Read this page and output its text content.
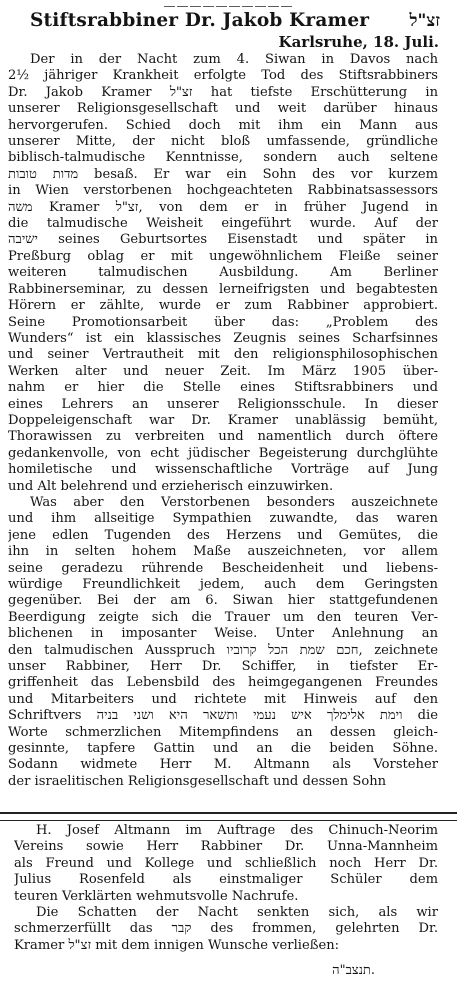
——————————
Stiftsrabbiner Dr. Jakob Kramer זצ"ל
Karlsruhe, 18. Juli.

Der in der Nacht zum 4. Siwan in Davos nach
2½ jähriger Krankheit erfolgte Tod des Stiftsrabbiners
Dr. Jakob Kramer זצ"ל hat tiefste Erschütterung in
unserer Religionsgesellschaft und weit darüber hinaus
hervorgerufen. Schied doch mit ihm ein Mann aus
unserer Mitte, der nicht bloß umfassende, gründliche
biblisch-talmudische Kenntnisse, sondern auch seltene
מדות טובות besaß. Er war ein Sohn des vor kurzem
in Wien verstorbenen hochgeachteten Rabbinatsassessors
משה Kramer זצ"ל, von dem er in früher Jugend in
die talmudische Weisheit eingeführt wurde. Auf der
ישיבה seines Geburtsortes Eisenstadt und später in
Preßburg oblag er mit ungewöhnlichem Fleiße seiner
weiteren talmudischen Ausbildung. Am Berliner
Rabbinerseminar, zu dessen lerneifrigsten und begabtesten
Hörern er zählte, wurde er zum Rabbiner approbiert.
Seine Promotionsarbeit über das: „Problem des
Wunders“ ist ein klassisches Zeugnis seines Scharfsinnes
und seiner Vertrautheit mit den religionsphilosophischen
Werken alter und neuer Zeit. Im März 1905 über-
nahm er hier die Stelle eines Stiftsrabbiners und
eines Lehrers an unserer Religionsschule. In dieser
Doppeleigenschaft war Dr. Kramer unablässig bemüht,
Thorawissen zu verbreiten und namentlich durch öftere
gedankenvolle, von echt jüdischer Begeisterung durchglühte
homiletische und wissenschaftliche Vorträge auf Jung
und Alt belehrend und erzieherisch einzuwirken.

Was aber den Verstorbenen besonders auszeichnete
und ihm allseitige Sympathien zuwandte, das waren
jene edlen Tugenden des Herzens und Gemütes, die
ihn in selten hohem Maße auszeichneten, vor allem
seine geradezu rührende Bescheidenheit und liebens-
würdige Freundlichkeit jedem, auch dem Geringsten
gegenüber. Bei der am 6. Siwan hier stattgefundenen
Beerdigung zeigte sich die Trauer um den teuren Ver-
blichenen in imposanter Weise. Unter Anlehnung an
den talmudischen Ausspruch חכם שמת הכל קרוביו, zeichnete
unser Rabbiner, Herr Dr. Schiffer, in tiefster Er-
griffenheit das Lebensbild des heimgegangenen Freundes
und Mitarbeiters und richtete mit Hinweis auf den
Schriftvers וימת אלימלך איש נעמי ותשאר היא ושני בניה die
Worte schmerzlichen Mitempfindens an dessen gleich-
gesinnte, tapfere Gattin und an die beiden Söhne.
Sodann widmete Herr M. Altmann als Vorsteher
der israelitischen Religionsgesellschaft und dessen Sohn

H. Josef Altmann im Auftrage des Chinuch-Neorim
Vereins sowie Herr Rabbiner Dr. Unna-Mannheim
als Freund und Kollege und schließlich noch Herr Dr.
Julius Rosenfeld als einstmaliger Schüler dem
teuren Verklärten wehmutsvolle Nachrufe.

Die Schatten der Nacht senkten sich, als wir
schmerzerfüllt das קבר des frommen, gelehrten Dr.
Kramer זצ"ל mit dem innigen Wunsche verließen:

תנצב"ה.
